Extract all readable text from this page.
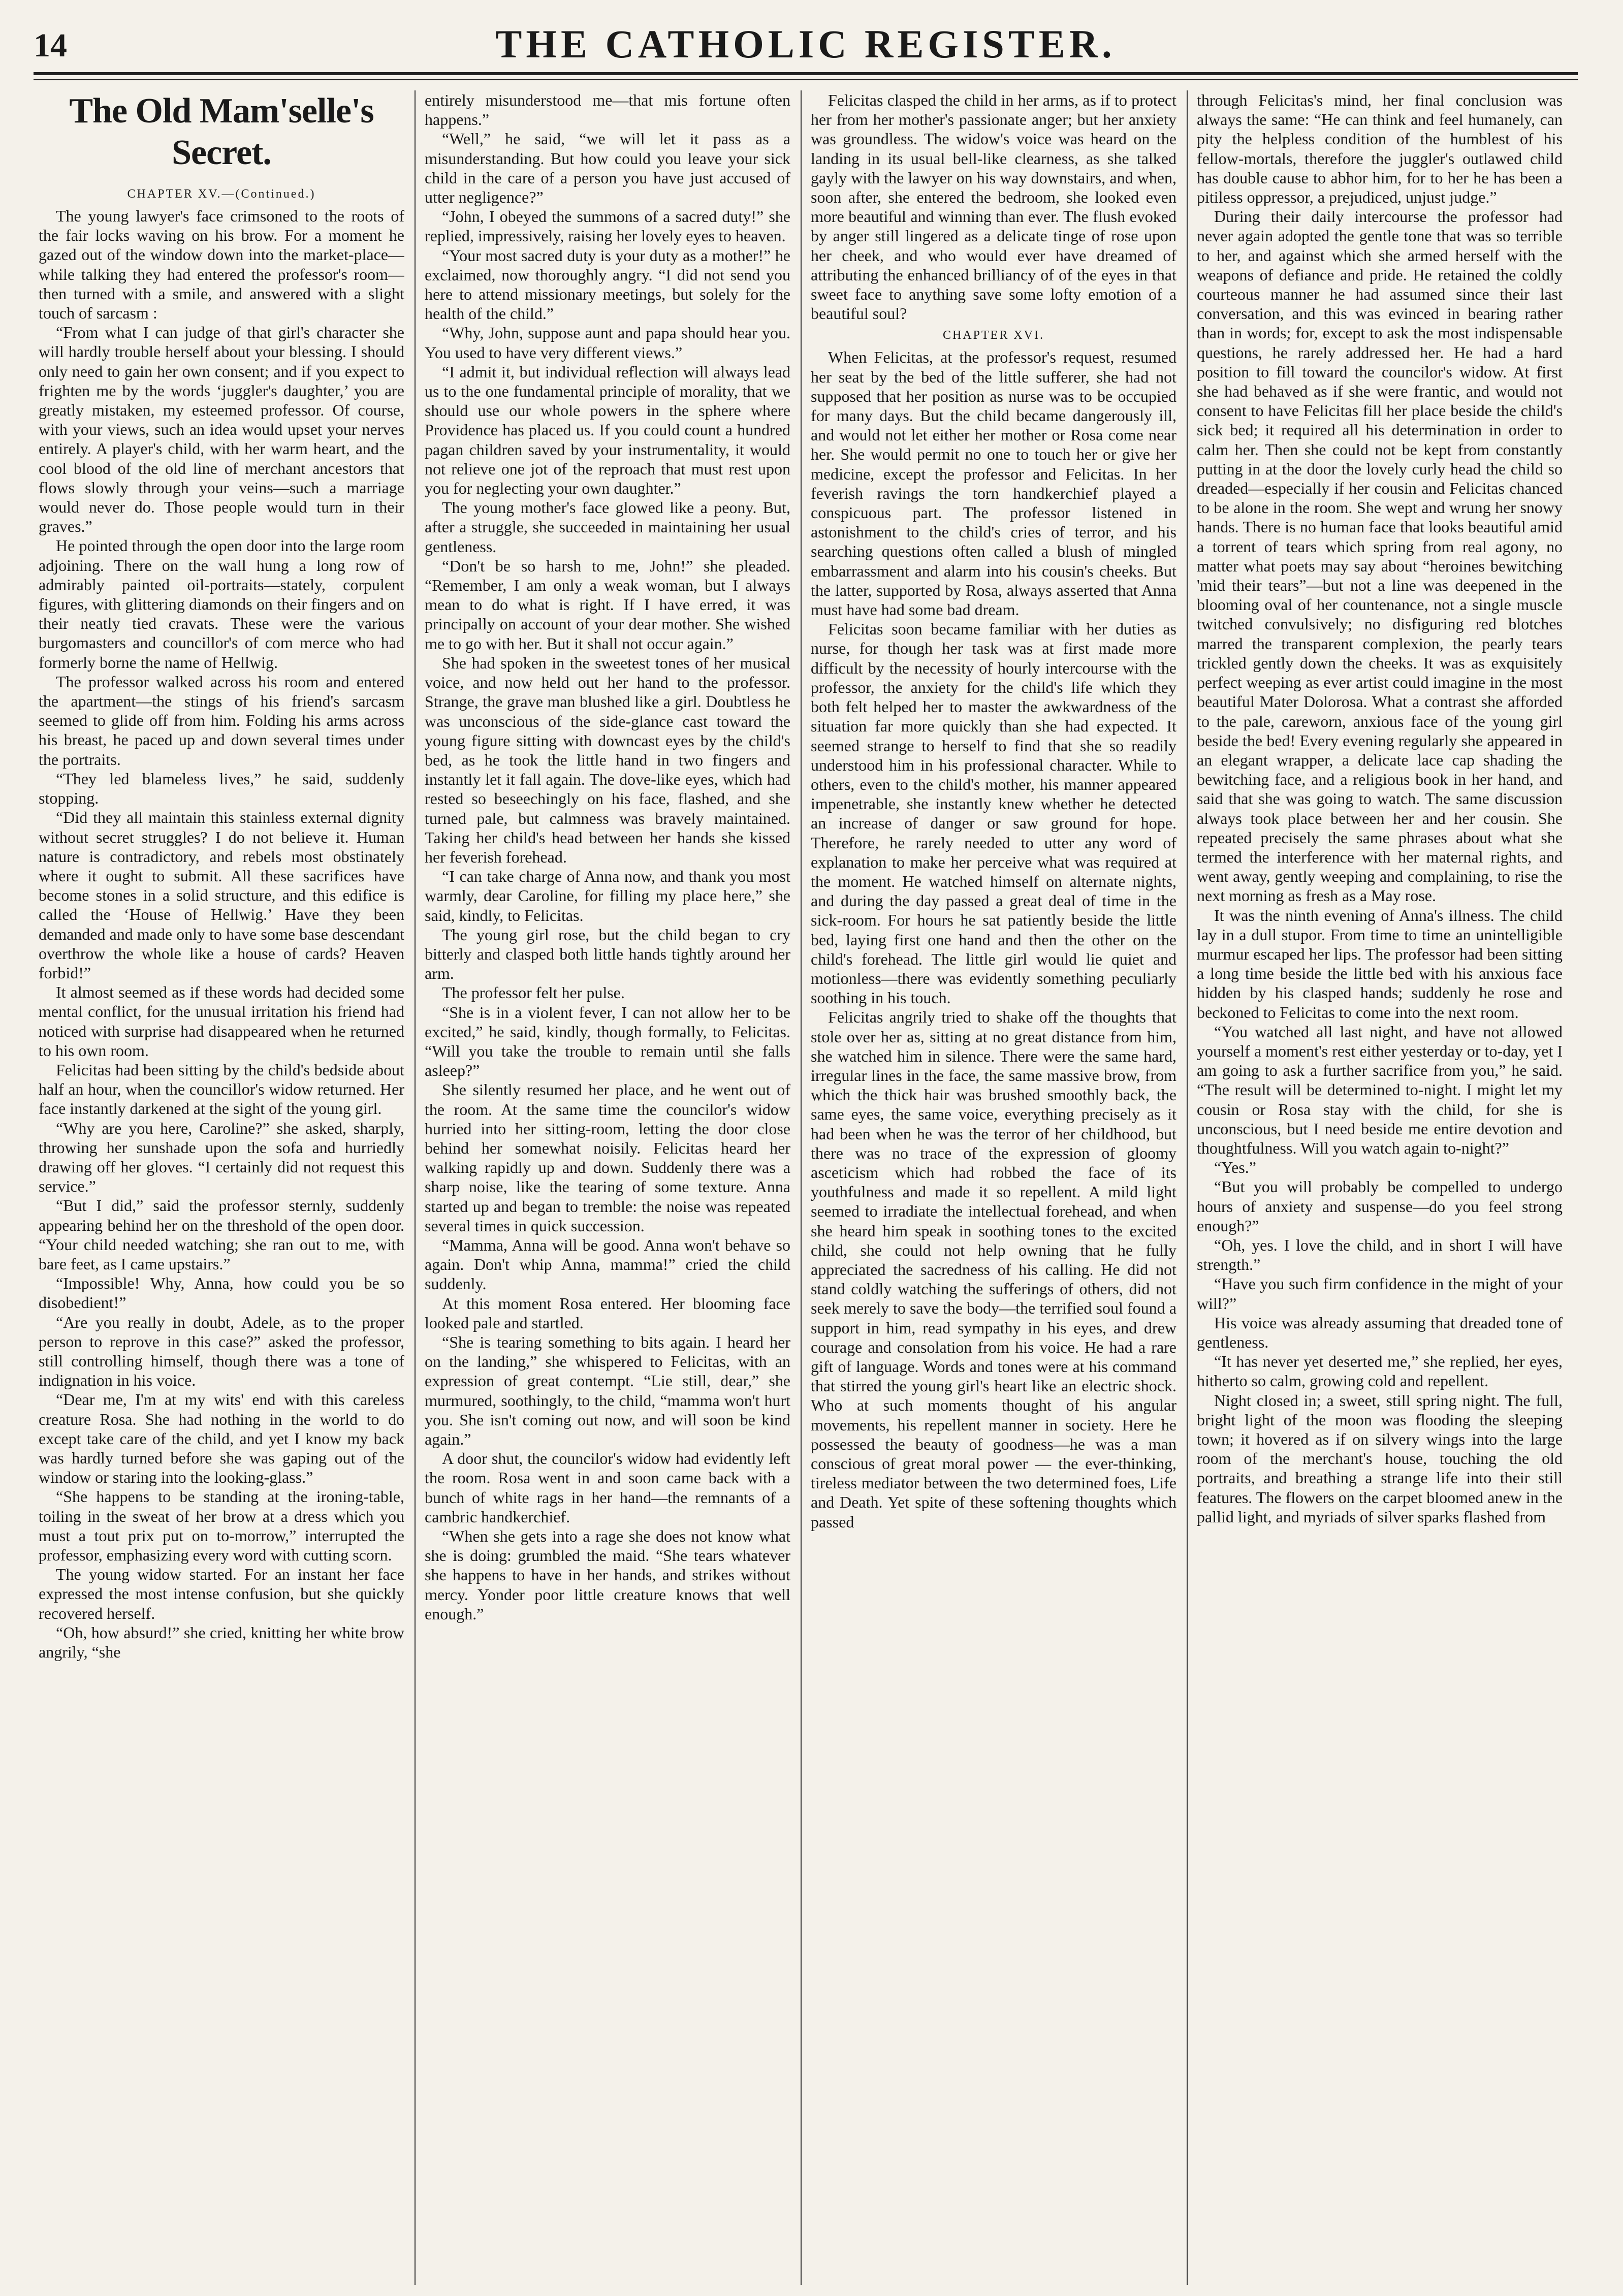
14	THE CATHOLIC REGISTER.
The Old Mam'selle's Secret.
CHAPTER XV.—(Continued.)

The young lawyer's face crimsoned to the roots of the fair locks waving on his brow. For a moment he gazed out of the window down into the market-place—while talking they had entered the professor's room—then turned with a smile, and answered with a slight touch of sarcasm :

“From what I can judge of that girl's character she will hardly trouble herself about your blessing. I should only need to gain her own consent; and if you expect to frighten me by the words ‘juggler's daughter,’ you are greatly mistaken, my esteemed professor. Of course, with your views, such an idea would upset your nerves entirely. A player's child, with her warm heart, and the cool blood of the old line of merchant ancestors that flows slowly through your veins—such a marriage would never do. Those people would turn in their graves.”

He pointed through the open door into the large room adjoining. There on the wall hung a long row of admirably painted oil-portraits—stately, corpulent figures, with glittering diamonds on their fingers and on their neatly tied cravats. These were the various burgomasters and councillor's of com merce who had formerly borne the name of Hellwig.

The professor walked across his room and entered the apartment—the stings of his friend's sarcasm seemed to glide off from him. Folding his arms across his breast, he paced up and down several times under the portraits.

“They led blameless lives,” he said, suddenly stopping.

“Did they all maintain this stainless external dignity without secret struggles? I do not believe it. Human nature is contradictory, and rebels most obstinately where it ought to submit. All these sacrifices have become stones in a solid structure, and this edifice is called the ‘House of Hellwig.’ Have they been demanded and made only to have some base descendant overthrow the whole like a house of cards? Heaven forbid!”

It almost seemed as if these words had decided some mental conflict, for the unusual irritation his friend had noticed with surprise had disappeared when he returned to his own room.

Felicitas had been sitting by the child's bedside about half an hour, when the councillor's widow returned. Her face instantly darkened at the sight of the young girl.

“Why are you here, Caroline?” she asked, sharply, throwing her sunshade upon the sofa and hurriedly drawing off her gloves. “I certainly did not request this service.”

“But I did,” said the professor sternly, suddenly appearing behind her on the threshold of the open door. “Your child needed watching; she ran out to me, with bare feet, as I came upstairs.”

“Impossible! Why, Anna, how could you be so disobedient!”

“Are you really in doubt, Adele, as to the proper person to reprove in this case?” asked the professor, still controlling himself, though there was a tone of indignation in his voice.

“Dear me, I'm at my wits' end with this careless creature Rosa. She had nothing in the world to do except take care of the child, and yet I know my back was hardly turned before she was gaping out of the window or staring into the looking-glass.”

“She happens to be standing at the ironing-table, toiling in the sweat of her brow at a dress which you must a tout prix put on to-morrow,” interrupted the professor, emphasizing every word with cutting scorn.

The young widow started. For an instant her face expressed the most intense confusion, but she quickly recovered herself.

“Oh, how absurd!” she cried, knitting her white brow angrily, “she

entirely misunderstood me—that mis fortune often happens.”

“Well,” he said, “we will let it pass as a misunderstanding. But how could you leave your sick child in the care of a person you have just accused of utter negligence?”

“John, I obeyed the summons of a sacred duty!” she replied, impressively, raising her lovely eyes to heaven.

“Your most sacred duty is your duty as a mother!” he exclaimed, now thoroughly angry. “I did not send you here to attend missionary meetings, but solely for the health of the child.”

“Why, John, suppose aunt and papa should hear you. You used to have very different views.”

“I admit it, but individual reflection will always lead us to the one fundamental principle of morality, that we should use our whole powers in the sphere where Providence has placed us. If you could count a hundred pagan children saved by your instrumentality, it would not relieve one jot of the reproach that must rest upon you for neglecting your own daughter.”

The young mother's face glowed like a peony. But, after a struggle, she succeeded in maintaining her usual gentleness.

“Don't be so harsh to me, John!” she pleaded. “Remember, I am only a weak woman, but I always mean to do what is right. If I have erred, it was principally on account of your dear mother. She wished me to go with her. But it shall not occur again.”

She had spoken in the sweetest tones of her musical voice, and now held out her hand to the professor. Strange, the grave man blushed like a girl. Doubtless he was unconscious of the side-glance cast toward the young figure sitting with downcast eyes by the child's bed, as he took the little hand in two fingers and instantly let it fall again. The dove-like eyes, which had rested so beseechingly on his face, flashed, and she turned pale, but calmness was bravely maintained. Taking her child's head between her hands she kissed her feverish forehead.

“I can take charge of Anna now, and thank you most warmly, dear Caroline, for filling my place here,” she said, kindly, to Felicitas.

The young girl rose, but the child began to cry bitterly and clasped both little hands tightly around her arm.

The professor felt her pulse.

“She is in a violent fever, I can not allow her to be excited,” he said, kindly, though formally, to Felicitas. “Will you take the trouble to remain until she falls asleep?”

She silently resumed her place, and he went out of the room. At the same time the councilor's widow hurried into her sitting-room, letting the door close behind her somewhat noisily. Felicitas heard her walking rapidly up and down. Suddenly there was a sharp noise, like the tearing of some texture. Anna started up and began to tremble: the noise was repeated several times in quick succession.

“Mamma, Anna will be good. Anna won't behave so again. Don't whip Anna, mamma!” cried the child suddenly.

At this moment Rosa entered. Her blooming face looked pale and startled.

“She is tearing something to bits again. I heard her on the landing,” she whispered to Felicitas, with an expression of great contempt. “Lie still, dear,” she murmured, soothingly, to the child, “mamma won't hurt you. She isn't coming out now, and will soon be kind again.”

A door shut, the councilor's widow had evidently left the room. Rosa went in and soon came back with a bunch of white rags in her hand—the remnants of a cambric handkerchief.

“When she gets into a rage she does not know what she is doing: grumbled the maid. “She tears whatever she happens to have in her hands, and strikes without mercy. Yonder poor little creature knows that well enough.”

Felicitas clasped the child in her arms, as if to protect her from her mother's passionate anger; but her anxiety was groundless. The widow's voice was heard on the landing in its usual bell-like clearness, as she talked gayly with the lawyer on his way downstairs, and when, soon after, she entered the bedroom, she looked even more beautiful and winning than ever. The flush evoked by anger still lingered as a delicate tinge of rose upon her cheek, and who would ever have dreamed of attributing the enhanced brilliancy of of the eyes in that sweet face to anything save some lofty emotion of a beautiful soul?

CHAPTER XVI.

When Felicitas, at the professor's request, resumed her seat by the bed of the little sufferer, she had not supposed that her position as nurse was to be occupied for many days. But the child became dangerously ill, and would not let either her mother or Rosa come near her. She would permit no one to touch her or give her medicine, except the professor and Felicitas. In her feverish ravings the torn handkerchief played a conspicuous part. The professor listened in astonishment to the child's cries of terror, and his searching questions often called a blush of mingled embarrassment and alarm into his cousin's cheeks. But the latter, supported by Rosa, always asserted that Anna must have had some bad dream.

Felicitas soon became familiar with her duties as nurse, for though her task was at first made more difficult by the necessity of hourly intercourse with the professor, the anxiety for the child's life which they both felt helped her to master the awkwardness of the situation far more quickly than she had expected. It seemed strange to herself to find that she so readily understood him in his professional character. While to others, even to the child's mother, his manner appeared impenetrable, she instantly knew whether he detected an increase of danger or saw ground for hope. Therefore, he rarely needed to utter any word of explanation to make her perceive what was required at the moment. He watched himself on alternate nights, and during the day passed a great deal of time in the sick-room. For hours he sat patiently beside the little bed, laying first one hand and then the other on the child's forehead. The little girl would lie quiet and motionless—there was evidently something peculiarly soothing in his touch.

Felicitas angrily tried to shake off the thoughts that stole over her as, sitting at no great distance from him, she watched him in silence. There were the same hard, irregular lines in the face, the same massive brow, from which the thick hair was brushed smoothly back, the same eyes, the same voice, everything precisely as it had been when he was the terror of her childhood, but there was no trace of the expression of gloomy asceticism which had robbed the face of its youthfulness and made it so repellent. A mild light seemed to irradiate the intellectual forehead, and when she heard him speak in soothing tones to the excited child, she could not help owning that he fully appreciated the sacredness of his calling. He did not stand coldly watching the sufferings of others, did not seek merely to save the body—the terrified soul found a support in him, read sympathy in his eyes, and drew courage and consolation from his voice. He had a rare gift of language. Words and tones were at his command that stirred the young girl's heart like an electric shock. Who at such moments thought of his angular movements, his repellent manner in society. Here he possessed the beauty of goodness—he was a man conscious of great moral power — the ever-thinking, tireless mediator between the two determined foes, Life and Death. Yet spite of these softening thoughts which passed

through Felicitas's mind, her final conclusion was always the same: “He can think and feel humanely, can pity the helpless condition of the humblest of his fellow-mortals, therefore the juggler's outlawed child has double cause to abhor him, for to her he has been a pitiless oppressor, a prejudiced, unjust judge.”

During their daily intercourse the professor had never again adopted the gentle tone that was so terrible to her, and against which she armed herself with the weapons of defiance and pride. He retained the coldly courteous manner he had assumed since their last conversation, and this was evinced in bearing rather than in words; for, except to ask the most indispensable questions, he rarely addressed her. He had a hard position to fill toward the councilor's widow. At first she had behaved as if she were frantic, and would not consent to have Felicitas fill her place beside the child's sick bed; it required all his determination in order to calm her. Then she could not be kept from constantly putting in at the door the lovely curly head the child so dreaded—especially if her cousin and Felicitas chanced to be alone in the room. She wept and wrung her snowy hands. There is no human face that looks beautiful amid a torrent of tears which spring from real agony, no matter what poets may say about “heroines bewitching 'mid their tears”—but not a line was deepened in the blooming oval of her countenance, not a single muscle twitched convulsively; no disfiguring red blotches marred the transparent complexion, the pearly tears trickled gently down the cheeks. It was as exquisitely perfect weeping as ever artist could imagine in the most beautiful Mater Dolorosa. What a contrast she afforded to the pale, careworn, anxious face of the young girl beside the bed! Every evening regularly she appeared in an elegant wrapper, a delicate lace cap shading the bewitching face, and a religious book in her hand, and said that she was going to watch. The same discussion always took place between her and her cousin. She repeated precisely the same phrases about what she termed the interference with her maternal rights, and went away, gently weeping and complaining, to rise the next morning as fresh as a May rose.

It was the ninth evening of Anna's illness. The child lay in a dull stupor. From time to time an unintelligible murmur escaped her lips. The professor had been sitting a long time beside the little bed with his anxious face hidden by his clasped hands; suddenly he rose and beckoned to Felicitas to come into the next room.

“You watched all last night, and have not allowed yourself a moment's rest either yesterday or to-day, yet I am going to ask a further sacrifice from you,” he said. “The result will be determined to-night. I might let my cousin or Rosa stay with the child, for she is unconscious, but I need beside me entire devotion and thoughtfulness. Will you watch again to-night?”

“Yes.”

“But you will probably be compelled to undergo hours of anxiety and suspense—do you feel strong enough?”

“Oh, yes. I love the child, and in short I will have strength.”

“Have you such firm confidence in the might of your will?”

His voice was already assuming that dreaded tone of gentleness.

“It has never yet deserted me,” she replied, her eyes, hitherto so calm, growing cold and repellent.

Night closed in; a sweet, still spring night. The full, bright light of the moon was flooding the sleeping town; it hovered as if on silvery wings into the large room of the merchant's house, touching the old portraits, and breathing a strange life into their still features. The flowers on the carpet bloomed anew in the pallid light, and myriads of silver sparks flashed from
